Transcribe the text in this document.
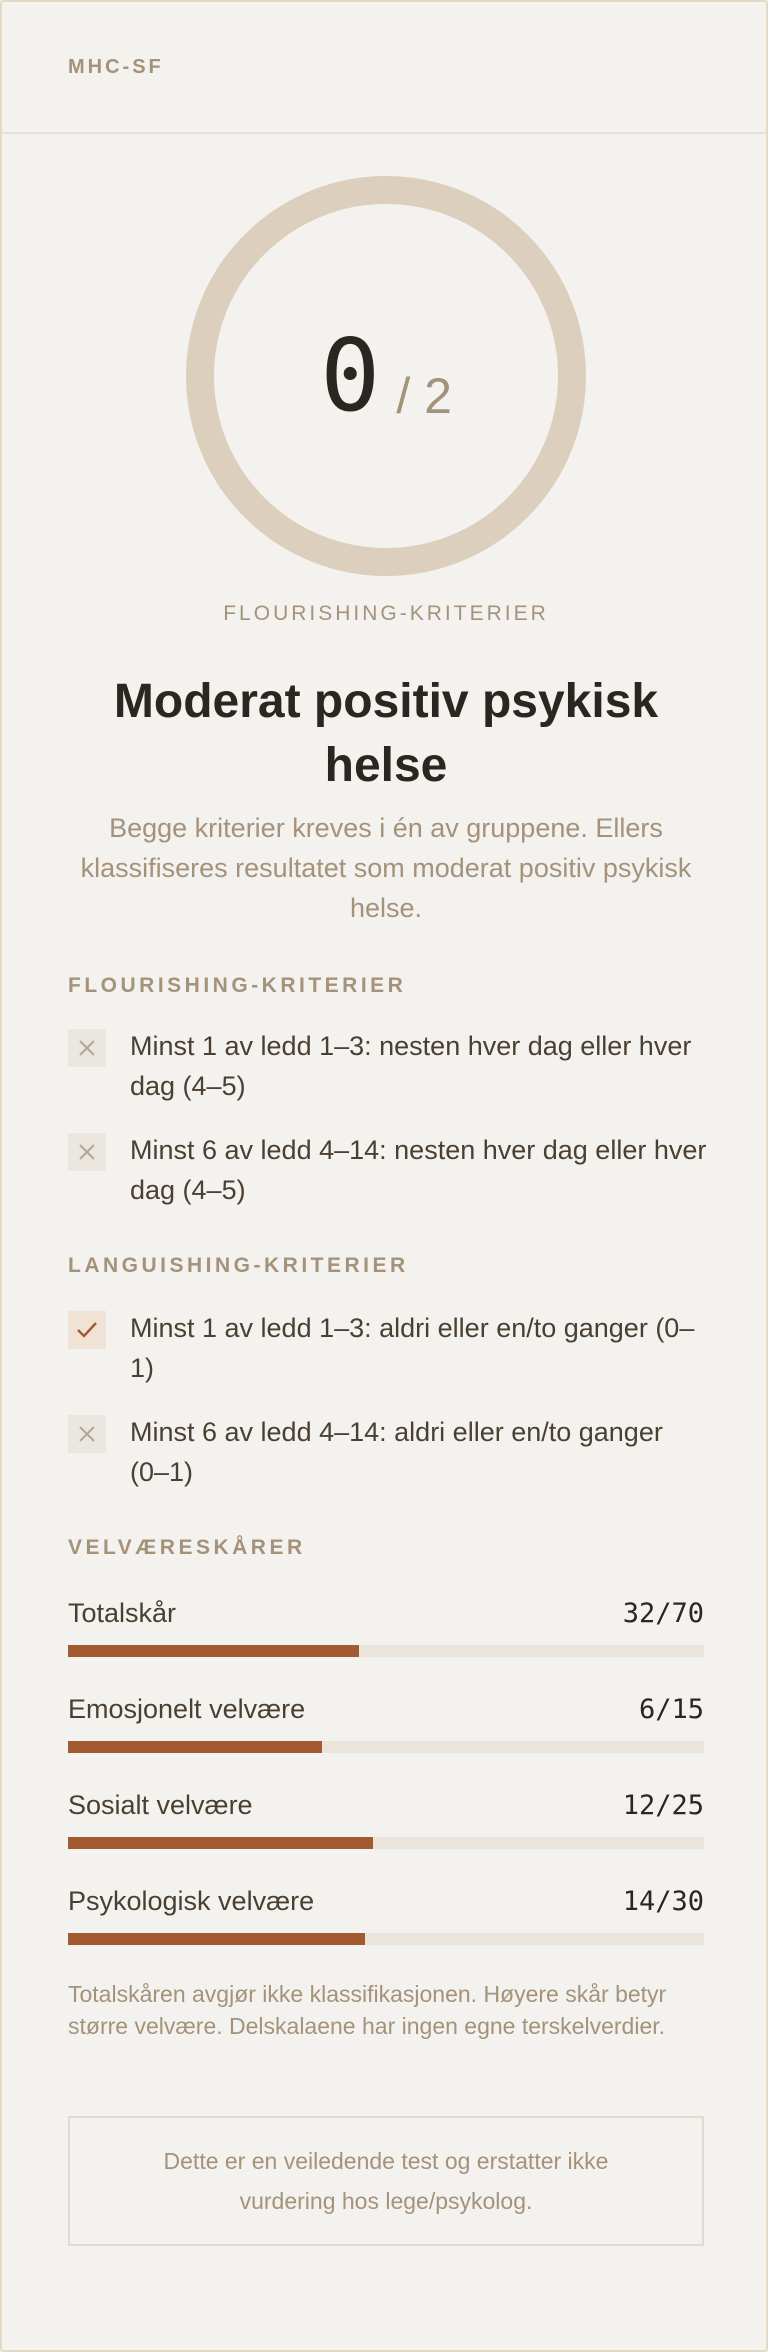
MHC-SF
0 / 2
FLOURISHING-KRITERIER
Moderat positiv psykisk helse

Begge kriterier kreves i én av gruppene. Ellers klassifiseres resultatet som moderat positiv psykisk helse.

FLOURISHING-KRITERIER
Minst 1 av ledd 1–3: nesten hver dag eller hver dag (4–5)
Minst 6 av ledd 4–14: nesten hver dag eller hver dag (4–5)
LANGUISHING-KRITERIER
Minst 1 av ledd 1–3: aldri eller en/to ganger (0–1)
Minst 6 av ledd 4–14: aldri eller en/to ganger (0–1)
VELVÆRESKÅRER
Totalskår	32/70
Emosjonelt velvære	6/15
Sosialt velvære	12/25
Psykologisk velvære	14/30

Totalskåren avgjør ikke klassifikasjonen. Høyere skår betyr større velvære. Delskalaene har ingen egne terskelverdier.

Dette er en veiledende test og erstatter ikke vurdering hos lege/psykolog.
